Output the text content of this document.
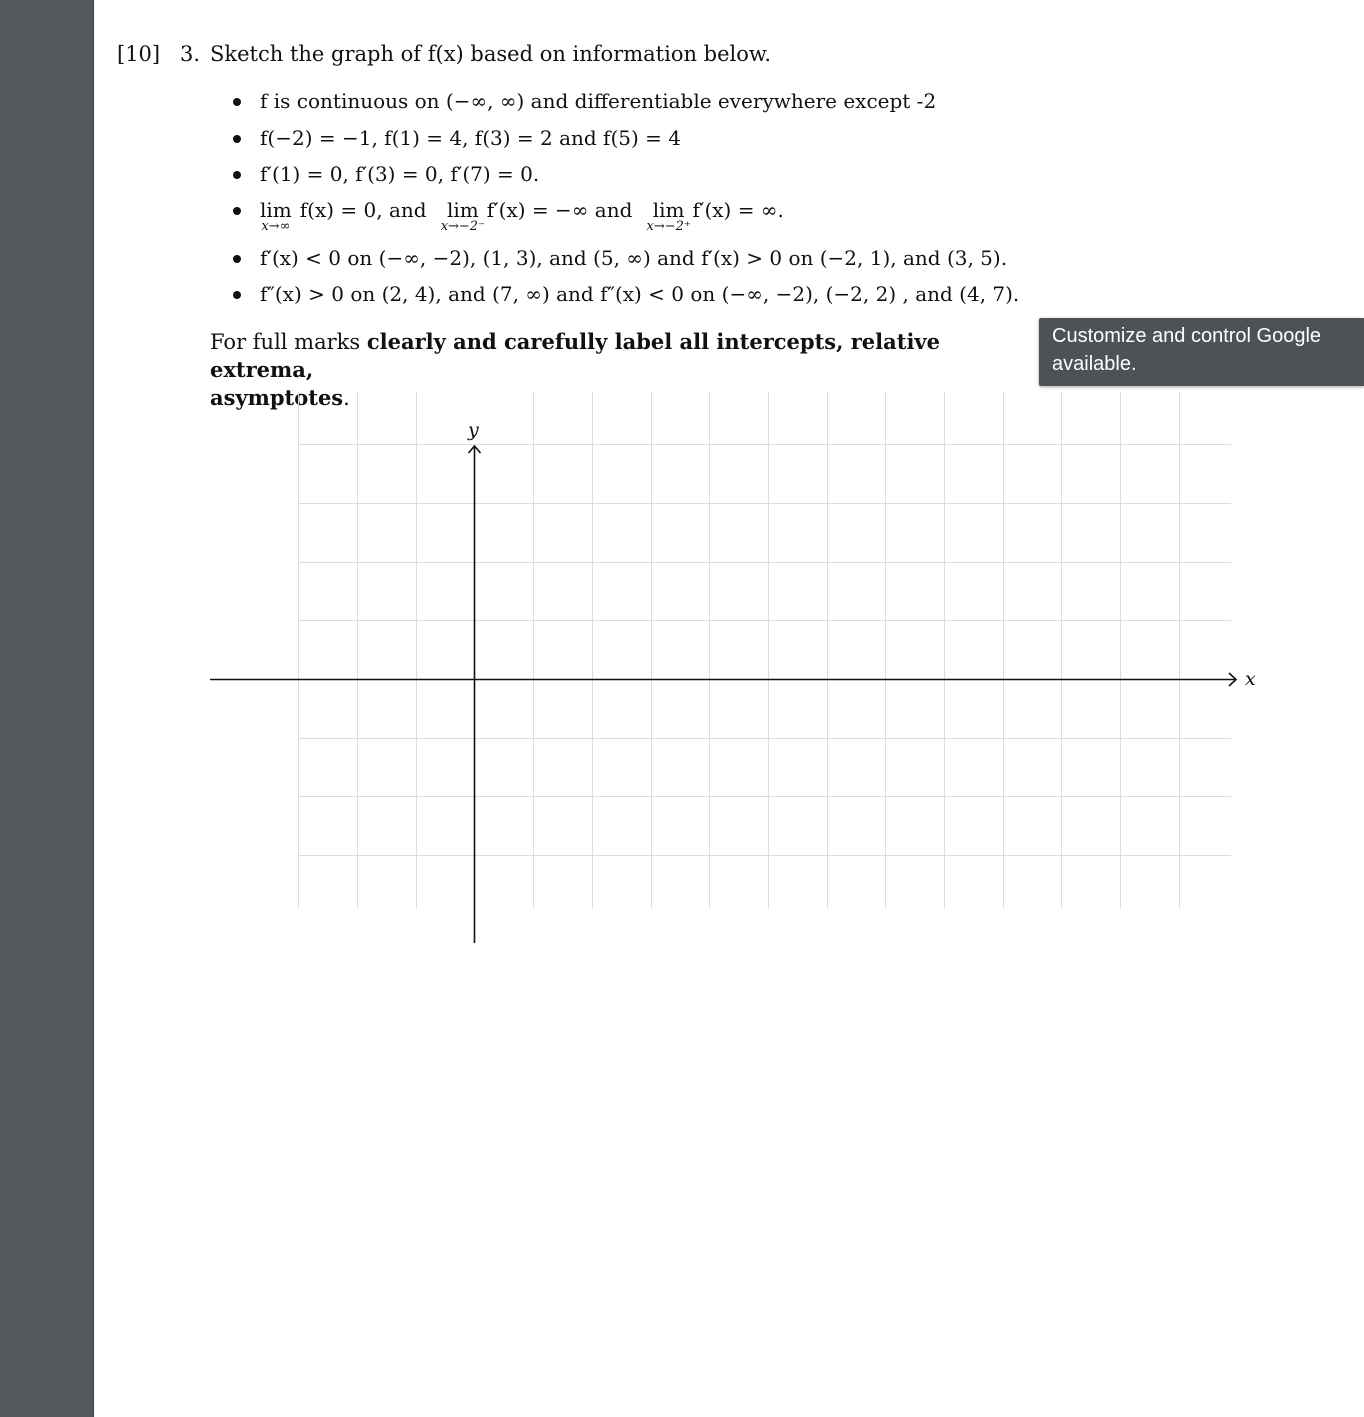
[10] 3. Sketch the graph of f(x) based on information below.
f is continuous on (−∞, ∞) and differentiable everywhere except -2
f(−2) = −1, f(1) = 4, f(3) = 2 and f(5) = 4
f′(1) = 0, f′(3) = 0, f′(7) = 0.
lim
x→∞
f(x) = 0, and lim
x→−2⁻
f′(x) = −∞ and lim
x→−2⁺
f′(x) = ∞.
f′(x) < 0 on (−∞, −2), (1, 3), and (5, ∞) and f′(x) > 0 on (−2, 1), and (3, 5).
f″(x) > 0 on (2, 4), and (7, ∞) and f″(x) < 0 on (−∞, −2), (−2, 2) , and (4, 7).
For full marks clearly and carefully label all intercepts, relative extrema,
asymptotes.
y
x
Customize and control Google
available.
